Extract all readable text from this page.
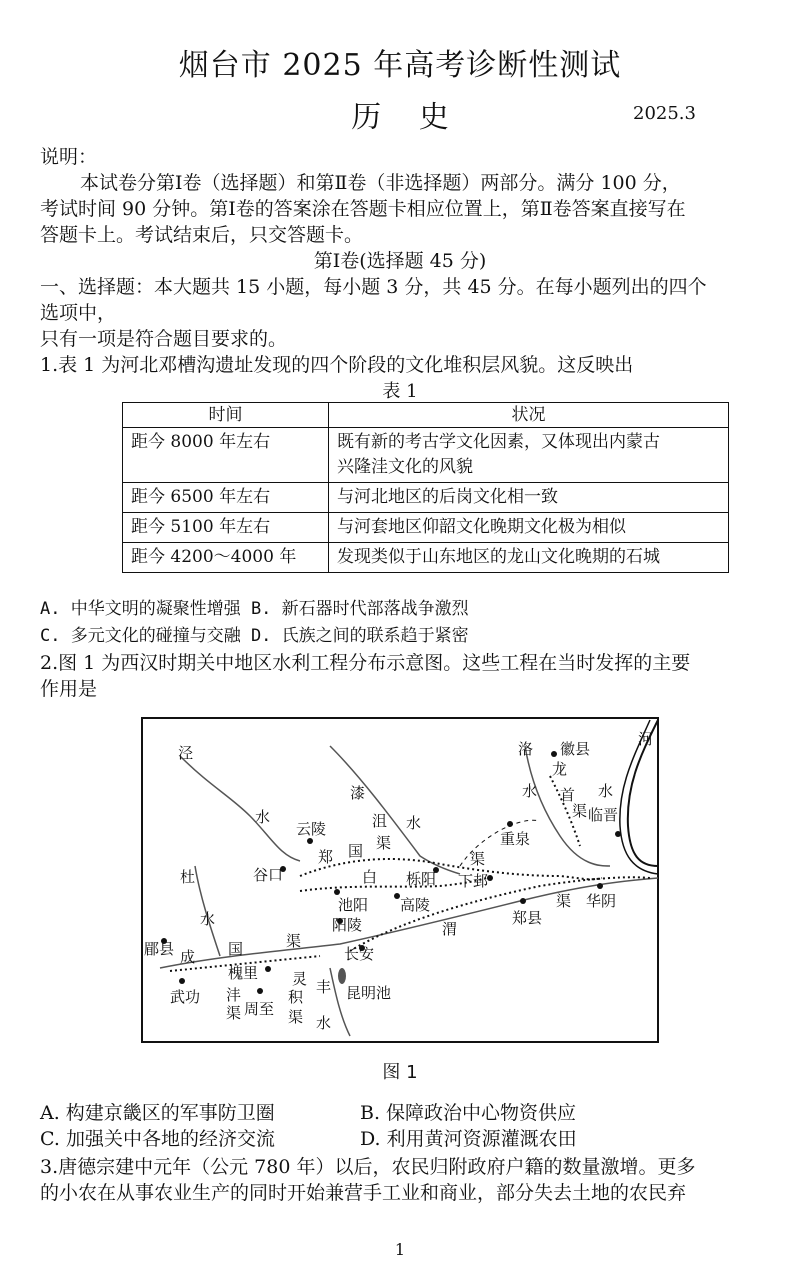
烟台市 2025 年高考诊断性测试
历 史	2025.3
说明：
本试卷分第Ⅰ卷（选择题）和第Ⅱ卷（非选择题）两部分。满分 100 分，
考试时间 90 分钟。第Ⅰ卷的答案涂在答题卡相应位置上，第Ⅱ卷答案直接写在
答题卡上。考试结束后，只交答题卡。
第Ⅰ卷(选择题 45 分)
一、选择题：本大题共 15 小题，每小题 3 分，共 45 分。在每小题列出的四个
选项中，
只有一项是符合题目要求的。
1.表 1 为河北邓槽沟遗址发现的四个阶段的文化堆积层风貌。这反映出
表 1
时间	状况
距今 8000 年左右	既有新的考古学文化因素，又体现出内蒙古
兴隆洼文化的风貌

距今 6500 年左右	与河北地区的后岗文化相一致
距今 5100 年左右	与河套地区仰韶文化晚期文化极为相似
距今 4200～4000 年	发现类似于山东地区的龙山文化晚期的石城
A. 中华文明的凝聚性增强 B. 新石器时代部落战争激烈
C. 多元文化的碰撞与交融 D. 氏族之间的联系趋于紧密
2.图 1 为西汉时期关中地区水利工程分布示意图。这些工程在当时发挥的主要
作用是
泾
水
漆
沮 水
洛
水
河
水
徽县
龙
首
渠 临晋
云陵
郑 国 渠	重泉
谷口	白
渠
栎阳 下邽
杜
水
池阳 高陵
阳陵	郑县
渠 华阴
渭
郿县 成 国	渠
长安
槐里
武功 沣
渠 周至
灵
积
渠
丰
水
昆明池
图 1
A. 构建京畿区的军事防卫圈	B. 保障政治中心物资供应
C. 加强关中各地的经济交流	D. 利用黄河资源灌溉农田
3.唐德宗建中元年（公元 780 年）以后，农民归附政府户籍的数量激增。更多
的小农在从事农业生产的同时开始兼营手工业和商业，部分失去土地的农民弃
1
